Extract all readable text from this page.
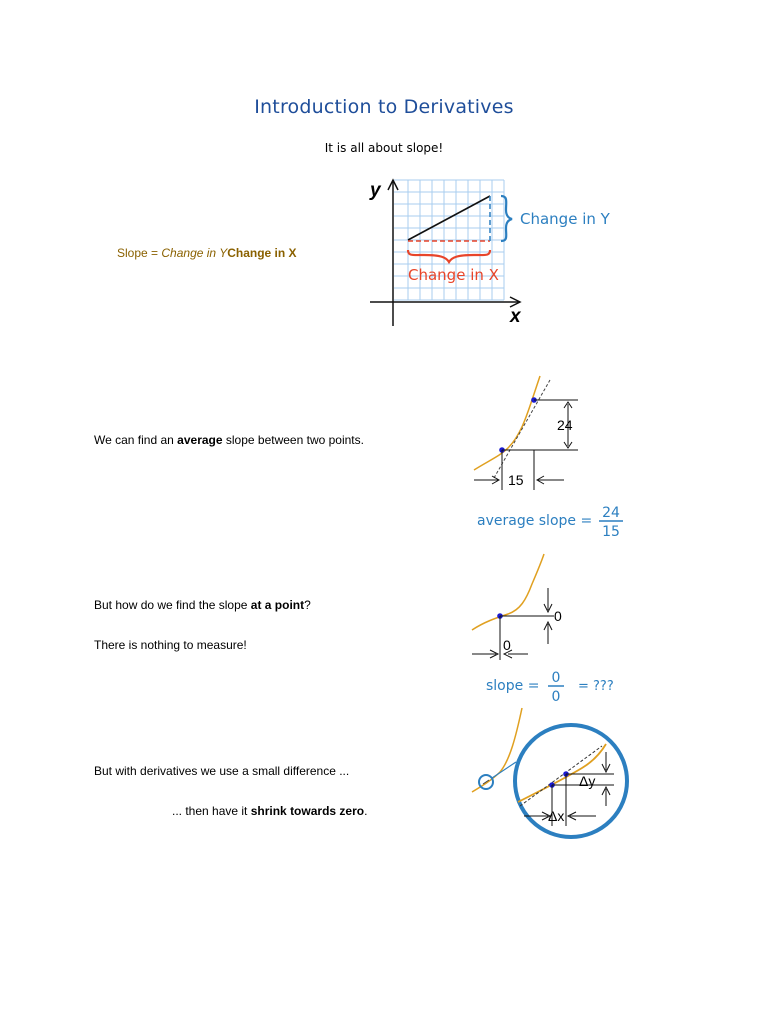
Introduction to Derivatives
It is all about slope!
Slope = Change in YChange in X
y
x
Change in Y
Change in X
We can find an average slope between two points.
24
15
average slope = 24
15
But how do we find the slope at a point?
There is nothing to measure!
0
0
slope = 0
0
= ???
But with derivatives we use a small difference ...
... then have it shrink towards zero.
Δy
Δx
